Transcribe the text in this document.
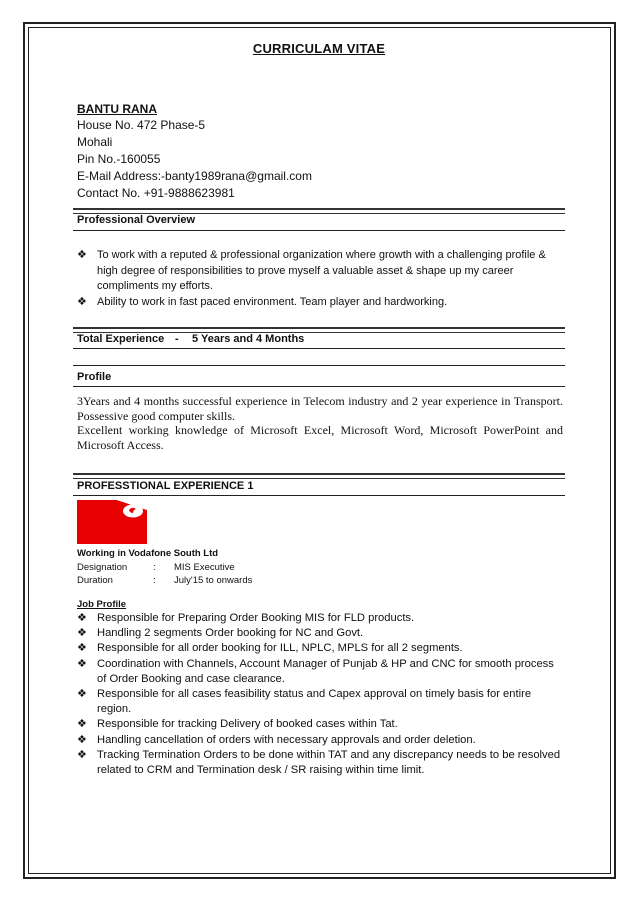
CURRICULAM VITAE
BANTU RANA
House No. 472 Phase-5
Mohali
Pin No.-160055
E-Mail Address:-banty1989rana@gmail.com
Contact No. +91-9888623981
Professional Overview
❖ To work with a reputed & professional organization where growth with a challenging profile & high degree of responsibilities to prove myself a valuable asset & shape up my career compliments my efforts.
❖ Ability to work in fast paced environment. Team player and hardworking.
Total Experience - 5 Years and 4 Months
Profile

3Years and 4 months successful experience in Telecom industry and 2 year experience in Transport. Possessive good computer skills.

Excellent working knowledge of Microsoft Excel, Microsoft Word, Microsoft PowerPoint and Microsoft Access.

PROFESSTIONAL EXPERIENCE 1
Working in Vodafone South Ltd
Designation	: MIS Executive
Duration	: July'15 to onwards
Job Profile
❖ Responsible for Preparing Order Booking MIS for FLD products.
❖ Handling 2 segments Order booking for NC and Govt.
❖ Responsible for all order booking for ILL, NPLC, MPLS for all 2 segments.
❖ Coordination with Channels, Account Manager of Punjab & HP and CNC for smooth process of Order Booking and case clearance.
❖ Responsible for all cases feasibility status and Capex approval on timely basis for entire region.
❖ Responsible for tracking Delivery of booked cases within Tat.
❖ Handling cancellation of orders with necessary approvals and order deletion.
❖ Tracking Termination Orders to be done within TAT and any discrepancy needs to be resolved related to CRM and Termination desk / SR raising within time limit.
